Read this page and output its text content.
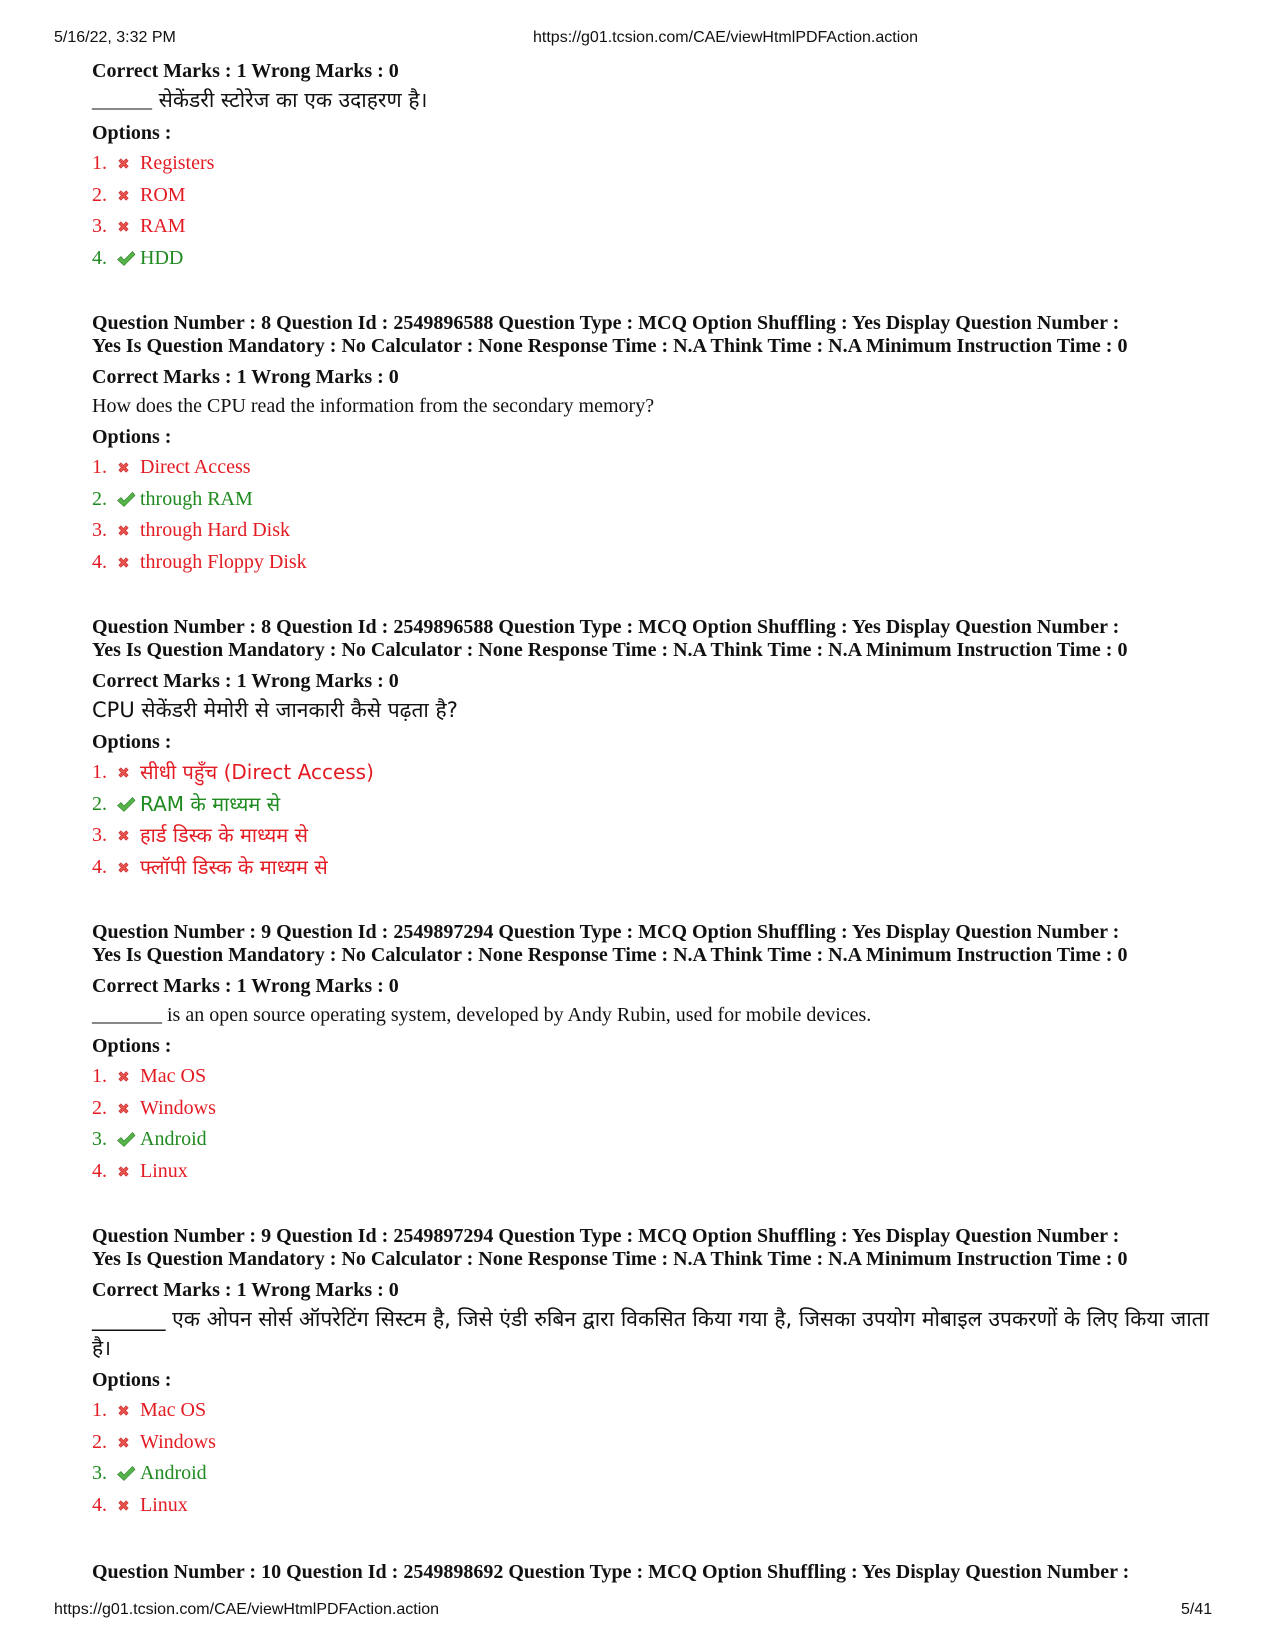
5/16/22, 3:32 PM	https://g01.tcsion.com/CAE/viewHtmlPDFAction.action
Correct Marks : 1 Wrong Marks : 0
______ सेकेंडरी स्टोरेज का एक उदाहरण है।
Options :
1.	Registers
2.	ROM
3.	RAM
4.	HDD
Question Number : 8 Question Id : 2549896588 Question Type : MCQ Option Shuffling : Yes Display Question Number :
Yes Is Question Mandatory : No Calculator : None Response Time : N.A Think Time : N.A Minimum Instruction Time : 0
Correct Marks : 1 Wrong Marks : 0
How does the CPU read the information from the secondary memory?
Options :
1.	Direct Access
2.	through RAM
3.	through Hard Disk
4.	through Floppy Disk
Question Number : 8 Question Id : 2549896588 Question Type : MCQ Option Shuffling : Yes Display Question Number :
Yes Is Question Mandatory : No Calculator : None Response Time : N.A Think Time : N.A Minimum Instruction Time : 0
Correct Marks : 1 Wrong Marks : 0
CPU सेकेंडरी मेमोरी से जानकारी कैसे पढ़ता है?
Options :
1.	सीधी पहुँच (Direct Access)
2.	RAM के माध्यम से
3.	हार्ड डिस्क के माध्यम से
4.	फ्लॉपी डिस्क के माध्यम से
Question Number : 9 Question Id : 2549897294 Question Type : MCQ Option Shuffling : Yes Display Question Number :
Yes Is Question Mandatory : No Calculator : None Response Time : N.A Think Time : N.A Minimum Instruction Time : 0
Correct Marks : 1 Wrong Marks : 0
_______ is an open source operating system, developed by Andy Rubin, used for mobile devices.
Options :
1.	Mac OS
2.	Windows
3.	Android
4.	Linux
Question Number : 9 Question Id : 2549897294 Question Type : MCQ Option Shuffling : Yes Display Question Number :
Yes Is Question Mandatory : No Calculator : None Response Time : N.A Think Time : N.A Minimum Instruction Time : 0
Correct Marks : 1 Wrong Marks : 0
_______ एक ओपन सोर्स ऑपरेटिंग सिस्टम है, जिसे एंडी रुबिन द्वारा विकसित किया गया है, जिसका उपयोग मोबाइल उपकरणों के लिए किया जाता है।
Options :
1.	Mac OS
2.	Windows
3.	Android
4.	Linux
Question Number : 10 Question Id : 2549898692 Question Type : MCQ Option Shuffling : Yes Display Question Number :
https://g01.tcsion.com/CAE/viewHtmlPDFAction.action	5/41
